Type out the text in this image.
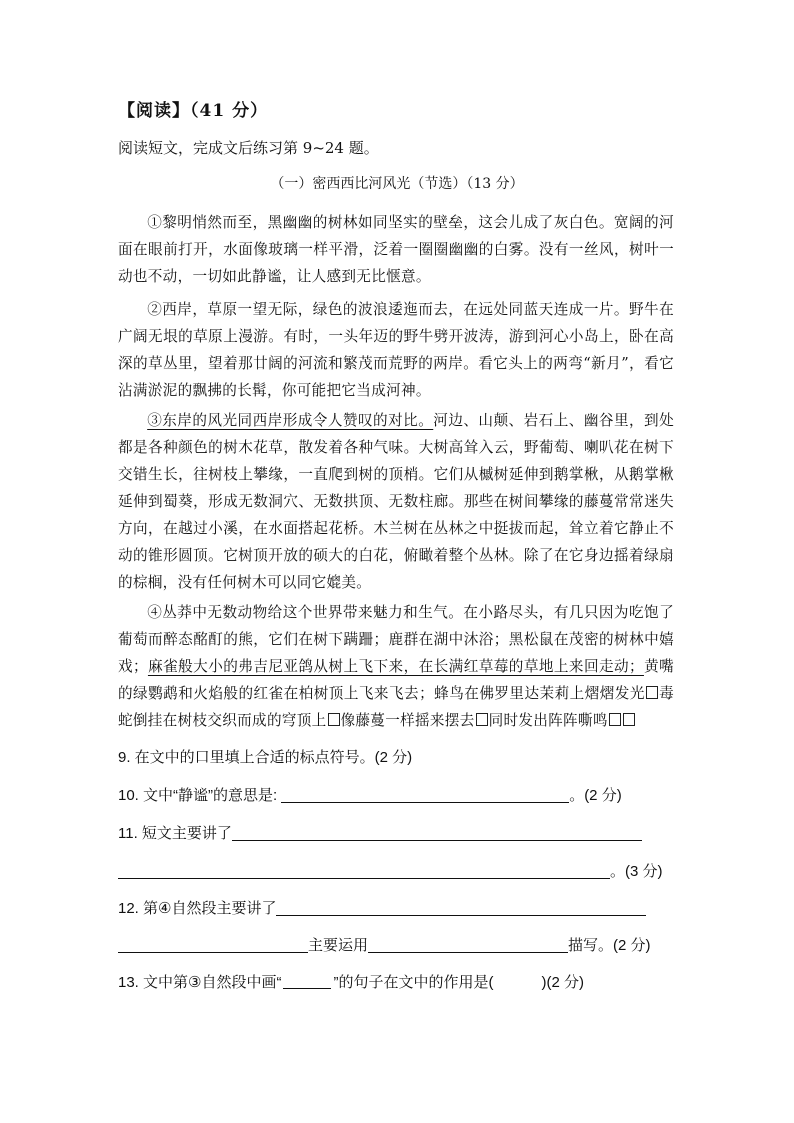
【阅读】（41 分）
阅读短文，完成文后练习第 9~24 题。
（一）密西西比河风光（节选）（13 分）
①黎明悄然而至，黑幽幽的树林如同坚实的壁垒，这会儿成了灰白色。宽阔的河面在眼前打开，水面像玻璃一样平滑，泛着一圈圈幽幽的白雾。没有一丝风，树叶一动也不动，一切如此静谧，让人感到无比惬意。
②西岸，草原一望无际，绿色的波浪逶迤而去，在远处同蓝天连成一片。野牛在广阔无垠的草原上漫游。有时，一头年迈的野牛劈开波涛，游到河心小岛上，卧在高深的草丛里，望着那廿阔的河流和繁茂而荒野的两岸。看它头上的两弯“新月”，看它沾满淤泥的飘拂的长髯，你可能把它当成河神。
③东岸的风光同西岸形成令人赞叹的对比。河边、山颠、岩石上、幽谷里，到处都是各种颜色的树木花草，散发着各种气味。大树高耸入云，野葡萄、喇叭花在树下交错生长，往树枝上攀缘，一直爬到树的顶梢。它们从槭树延伸到鹅掌楸，从鹅掌楸延伸到蜀葵，形成无数洞穴、无数拱顶、无数柱廊。那些在树间攀缘的藤蔓常常迷失方向，在越过小溪，在水面搭起花桥。木兰树在丛林之中挺拔而起，耸立着它静止不动的锥形圆顶。它树顶开放的硕大的白花，俯瞰着整个丛林。除了在它身边摇着绿扇的棕榈，没有任何树木可以同它媲美。
④丛莽中无数动物给这个世界带来魅力和生气。在小路尽头，有几只因为吃饱了葡萄而醉态酩酊的熊，它们在树下蹒跚；鹿群在湖中沐浴；黑松鼠在茂密的树林中嬉戏；麻雀般大小的弗吉尼亚鸽从树上飞下来，在长满红草莓的草地上来回走动；黄嘴的绿鹦鹉和火焰般的红雀在柏树顶上飞来飞去；蜂鸟在佛罗里达茉莉上熠熠发光 毒蛇倒挂在树枝交织而成的穹顶上 像藤蔓一样摇来摆去 同时发出阵阵嘶鸣
9. 在文中的口里填上合适的标点符号。(2 分)
10. 文中“静谧”的意思是:	。(2 分)
11. 短文主要讲了
。(3 分)
12. 第④自然段主要讲了
主要运用	描写。(2 分)
13. 文中第③自然段中画“	”的句子在文中的作用是(	)(2 分)
